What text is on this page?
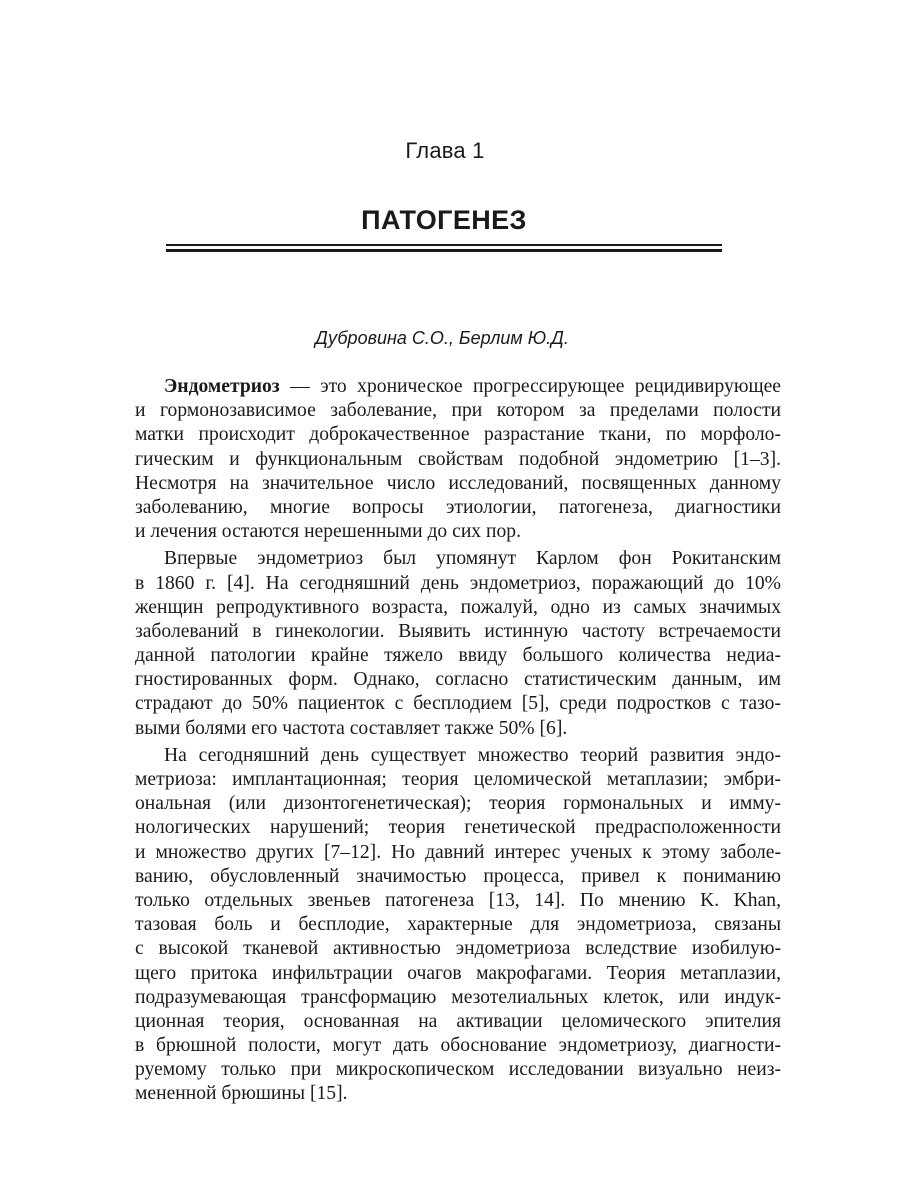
Глава 1
ПАТОГЕНЕЗ
Дубровина С.О., Берлим Ю.Д.
Эндометриоз — это хроническое прогрессирующее рецидивирующее
и гормонозависимое заболевание, при котором за пределами полости
матки происходит доброкачественное разрастание ткани, по морфоло-
гическим и функциональным свойствам подобной эндометрию [1–3].
Несмотря на значительное число исследований, посвященных данному
заболеванию, многие вопросы этиологии, патогенеза, диагностики
и лечения остаются нерешенными до сих пор.
Впервые эндометриоз был упомянут Карлом фон Рокитанским
в 1860 г. [4]. На сегодняшний день эндометриоз, поражающий до 10%
женщин репродуктивного возраста, пожалуй, одно из самых значимых
заболеваний в гинекологии. Выявить истинную частоту встречаемости
данной патологии крайне тяжело ввиду большого количества недиа-
гностированных форм. Однако, согласно статистическим данным, им
страдают до 50% пациенток с бесплодием [5], среди подростков с тазо-
выми болями его частота составляет также 50% [6].
На сегодняшний день существует множество теорий развития эндо-
метриоза: имплантационная; теория целомической метаплазии; эмбри-
ональная (или дизонтогенетическая); теория гормональных и имму-
нологических нарушений; теория генетической предрасположенности
и множество других [7–12]. Но давний интерес ученых к этому заболе-
ванию, обусловленный значимостью процесса, привел к пониманию
только отдельных звеньев патогенеза [13, 14]. По мнению K. Khan,
тазовая боль и бесплодие, характерные для эндометриоза, связаны
с высокой тканевой активностью эндометриоза вследствие изобилую-
щего притока инфильтрации очагов макрофагами. Теория метаплазии,
подразумевающая трансформацию мезотелиальных клеток, или индук-
ционная теория, основанная на активации целомического эпителия
в брюшной полости, могут дать обоснование эндометриозу, диагности-
руемому только при микроскопическом исследовании визуально неиз-
мененной брюшины [15].
